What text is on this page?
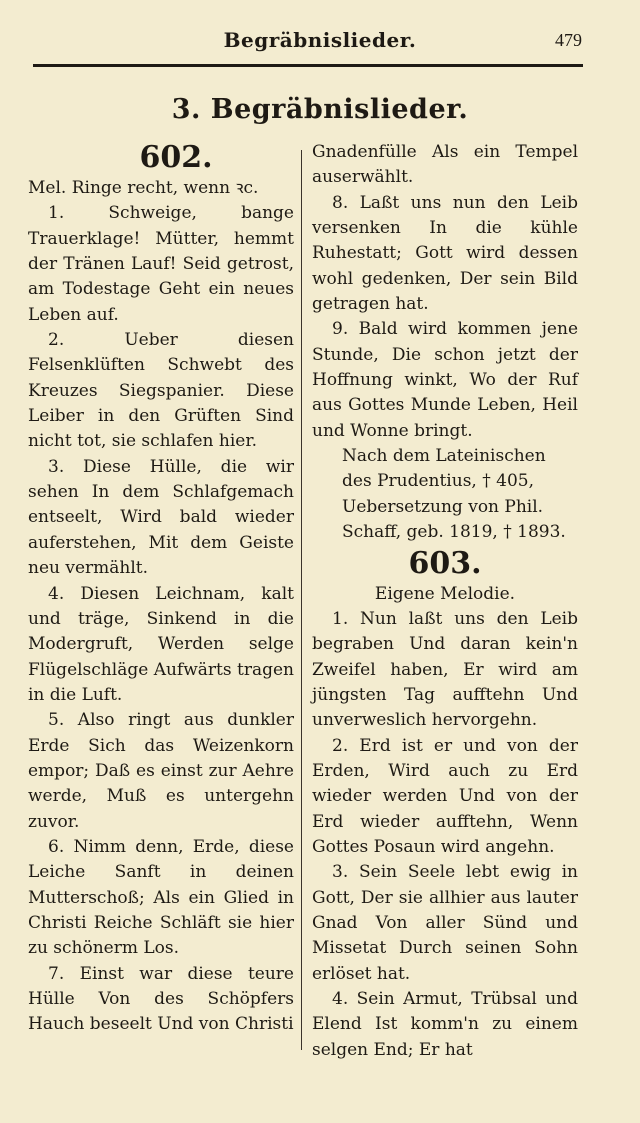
Begräbnislieder.	479
3. Begräbnislieder.

602.

Mel. Ringe recht, wenn ꝛc.

1. Schweige, bange Trauerklage! Mütter, hemmt der Tränen Lauf! Seid getrost, am Todestage Geht ein neues Leben auf.

2. Ueber diesen Felsenklüften Schwebt des Kreuzes Siegspanier. Diese Leiber in den Grüften Sind nicht tot, sie schlafen hier.

3. Diese Hülle, die wir sehen In dem Schlafgemach entseelt, Wird bald wieder auferstehen, Mit dem Geiste neu vermählt.

4. Diesen Leichnam, kalt und träge, Sinkend in die Modergruft, Werden selge Flügelschläge Aufwärts tragen in die Luft.

5. Also ringt aus dunkler Erde Sich das Weizenkorn empor; Daß es einst zur Aehre werde, Muß es untergehn zuvor.

6. Nimm denn, Erde, diese Leiche Sanft in deinen Mutterschoß; Als ein Glied in Christi Reiche Schläft sie hier zu schönerm Los.

7. Einst war diese teure Hülle Von des Schöpfers Hauch beseelt Und von Christi

Gnadenfülle Als ein Tempel auserwählt.

8. Laßt uns nun den Leib versenken In die kühle Ruhestatt; Gott wird dessen wohl gedenken, Der sein Bild getragen hat.

9. Bald wird kommen jene Stunde, Die schon jetzt der Hoffnung winkt, Wo der Ruf aus Gottes Munde Leben, Heil und Wonne bringt.

Nach dem Lateinischen des Prudentius, † 405, Uebersetzung von Phil. Schaff, geb. 1819, † 1893.

603.

Eigene Melodie.

1. Nun laßt uns den Leib begraben Und daran kein'n Zweifel haben, Er wird am jüngsten Tag aufftehn Und unverweslich hervorgehn.

2. Erd ist er und von der Erden, Wird auch zu Erd wieder werden Und von der Erd wieder aufftehn, Wenn Gottes Posaun wird angehn.

3. Sein Seele lebt ewig in Gott, Der sie allhier aus lauter Gnad Von aller Sünd und Missetat Durch seinen Sohn erlöset hat.

4. Sein Armut, Trübsal und Elend Ist komm'n zu einem selgen End; Er hat
